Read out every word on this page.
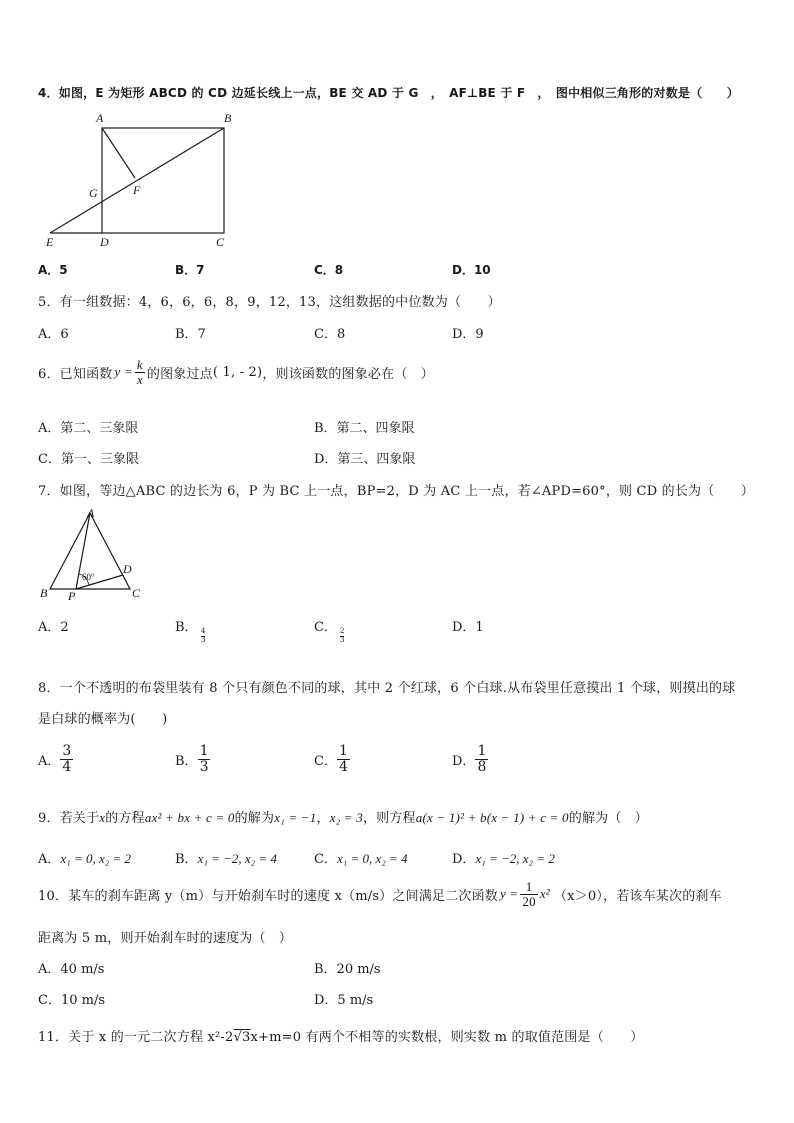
4．如图，E 为矩形 ABCD 的 CD 边延长线上一点，BE 交 AD 于 G　，　AF⊥BE 于 F　，　图中相似三角形的对数是（　　）
A	B
C
D
E
F
G
A．5	B．7	C．8	D．10
5．有一组数据：4，6，6，6，8，9，12，13，这组数据的中位数为（　　）
A．6	B．7	C．8	D．9
6．已知函数 $y = \frac{k}{x}$ 的图象过点 ( 1, - 2) ，则该函数的图象必在（　）
A．第二、三象限	B．第二、四象限
C．第一、三象限	D．第三、四象限
7．如图，等边△ABC 的边长为 6，P 为 BC 上一点，BP=2，D 为 AC 上一点，若∠APD=60°，则 CD 的长为（　　）
A
B	C
D
P
60°
A．2	B．
$\frac{4}{3}$
C．
$\frac{2}{3}$
D．1
8．一个不透明的布袋里装有 8 个只有颜色不同的球，其中 2 个红球，6 个白球.从布袋里任意摸出 1 个球，则摸出的球
是白球的概率为(　　)
A． $\frac{3}{4}$	B． $\frac{1}{3}$	C． $\frac{1}{4}$	D． $\frac{1}{8}$
9．若关于x的方程ax² + bx + c = 0的解为x₁ = −1，x₂ = 3，则方程a(x − 1)² + b(x − 1) + c = 0的解为（　）
A．x₁ = 0, x₂ = 2	B．x₁ = −2, x₂ = 4	C．x₁ = 0, x₂ = 4	D．x₁ = −2, x₂ = 2
10．某车的刹车距离 y（m）与开始刹车时的速度 x（m/s）之间满足二次函数 $y = \frac{1}{20} x^2$ （x＞0），若该车某次的刹车
距离为 5 m，则开始刹车时的速度为（　）
A．40 m/s	B．20 m/s
C．10 m/s	D．5 m/s
11．关于 x 的一元二次方程 x²-2√3x+m=0 有两个不相等的实数根，则实数 m 的取值范围是（　　）
